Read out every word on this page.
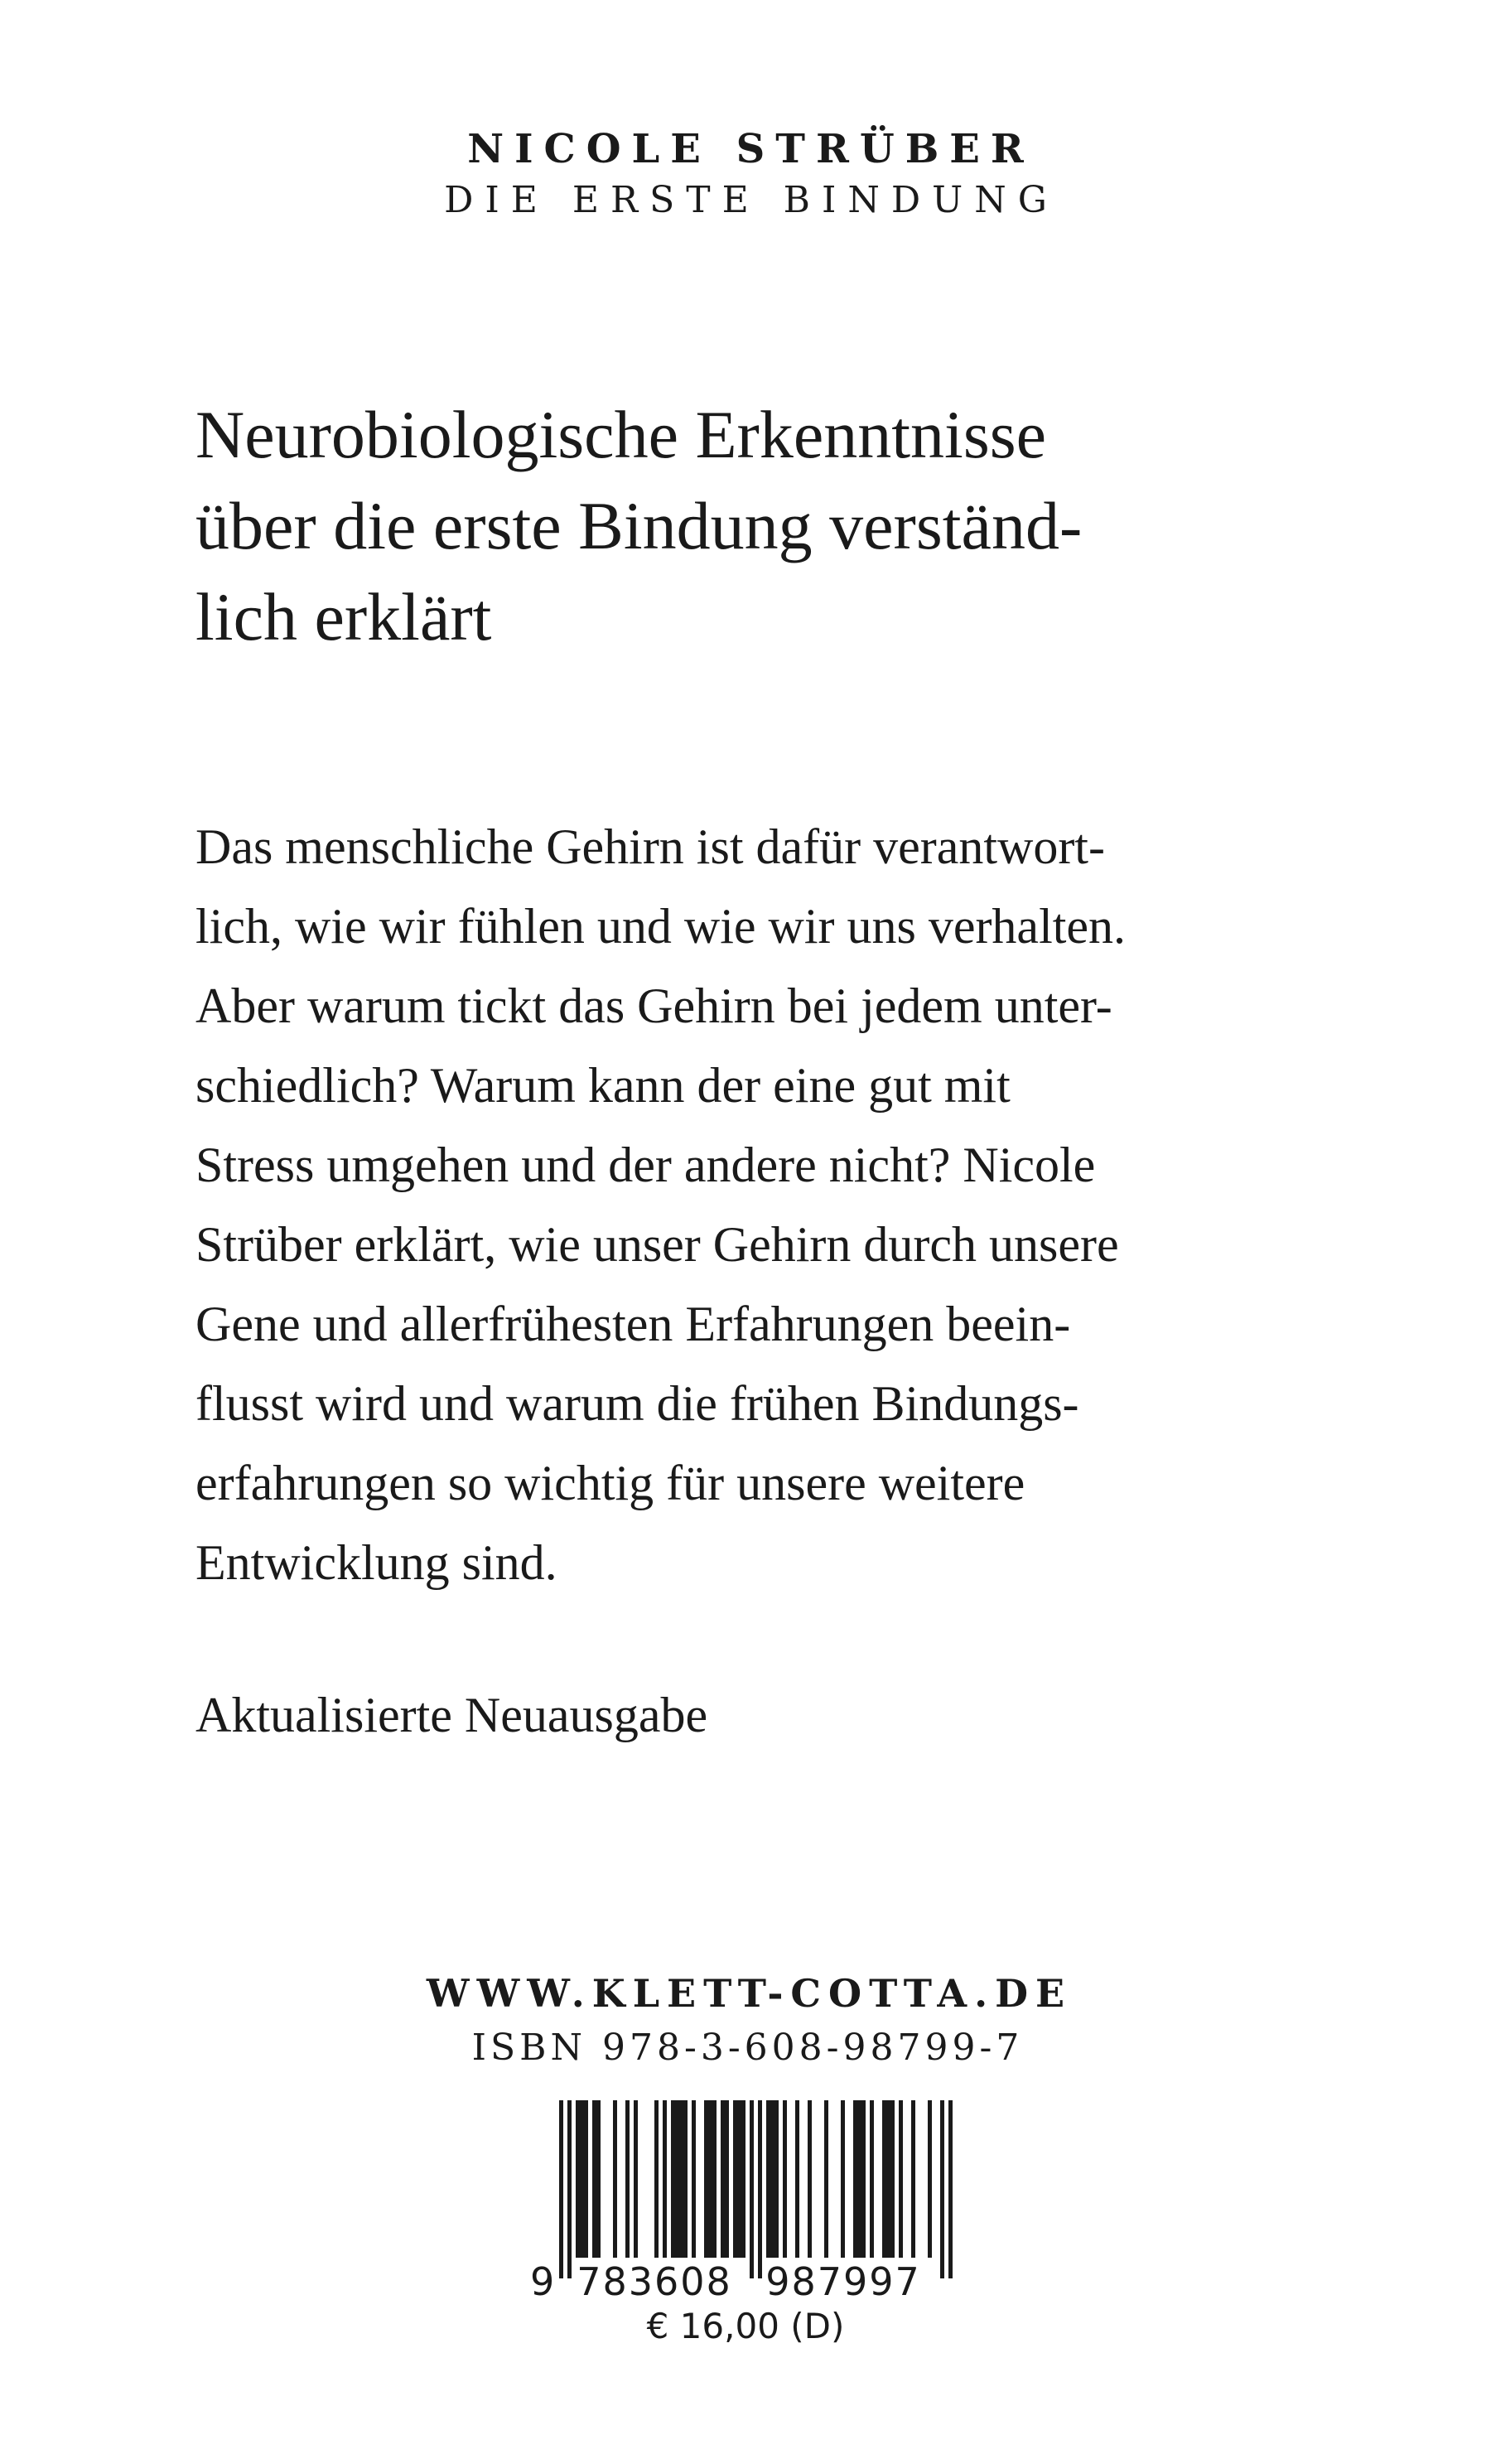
NICOLE STRÜBER

DIE ERSTE BINDUNG

Neurobiologische Erkenntnisse
über die erste Bindung verständ-
lich erklärt

Das menschliche Gehirn ist dafür verantwort-
lich, wie wir fühlen und wie wir uns verhalten.
Aber warum tickt das Gehirn bei jedem unter-
schiedlich? Warum kann der eine gut mit
Stress umgehen und der andere nicht? Nicole
Strüber erklärt, wie unser Gehirn durch unsere
Gene und allerfrühesten Erfahrungen beein-
flusst wird und warum die frühen Bindungs-
erfahrungen so wichtig für unsere weitere
Entwicklung sind.

Aktualisierte Neuausgabe

WWW.KLETT-COTTA.DE

ISBN 978-3-608-98799-7

9 783608 987997

€ 16,00 (D)
